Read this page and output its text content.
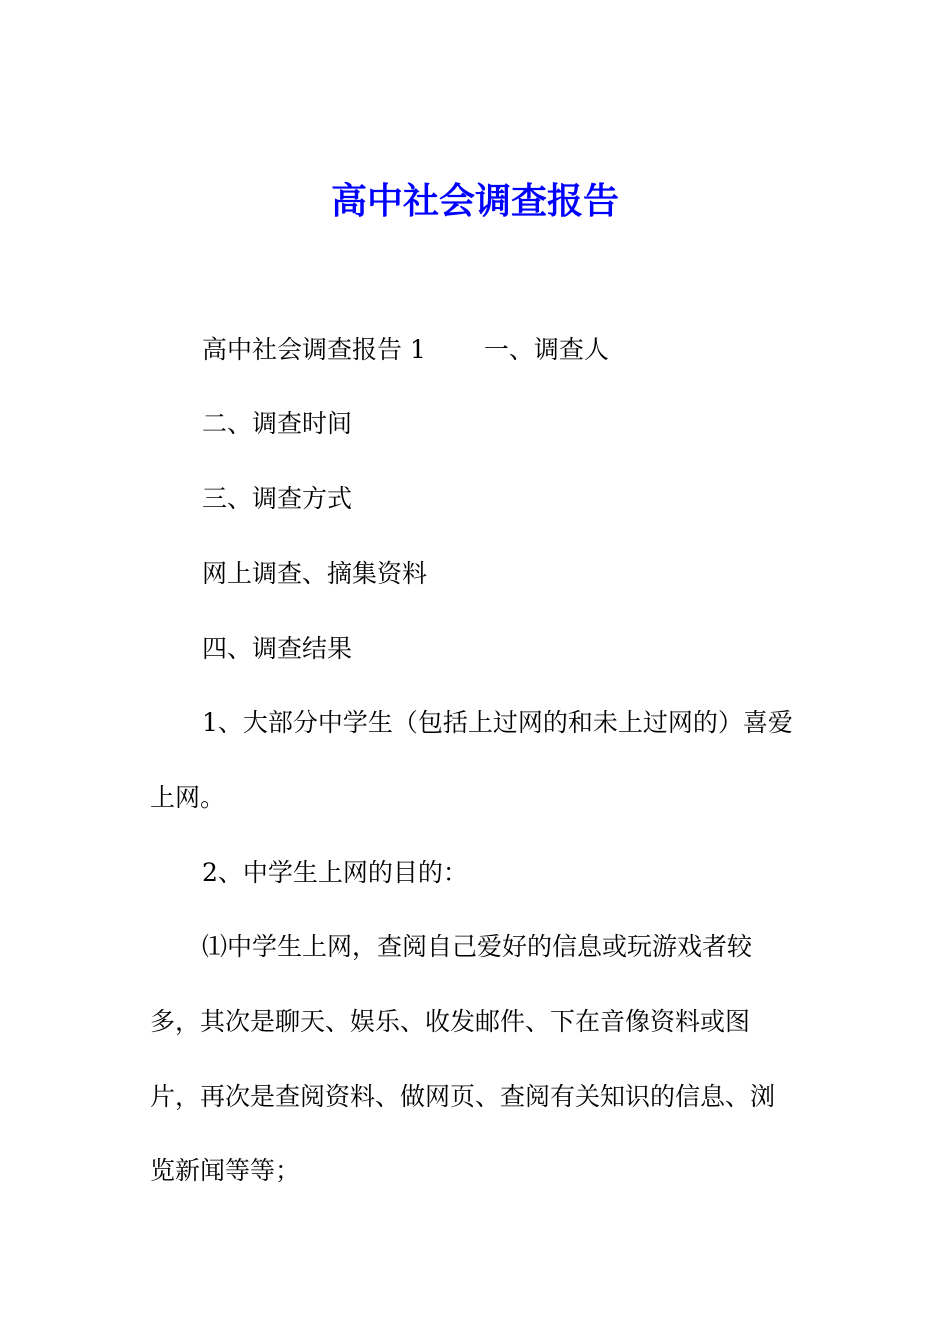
高中社会调查报告
高中社会调查报告 1 一、调查人
二、调查时间
三、调查方式
网上调查、摘集资料
四、调查结果
1、大部分中学生（包括上过网的和未上过网的）喜爱
上网。
2、中学生上网的目的：
⑴中学生上网，查阅自己爱好的信息或玩游戏者较
多，其次是聊天、娱乐、收发邮件、下在音像资料或图
片，再次是查阅资料、做网页、查阅有关知识的信息、浏
览新闻等等；
